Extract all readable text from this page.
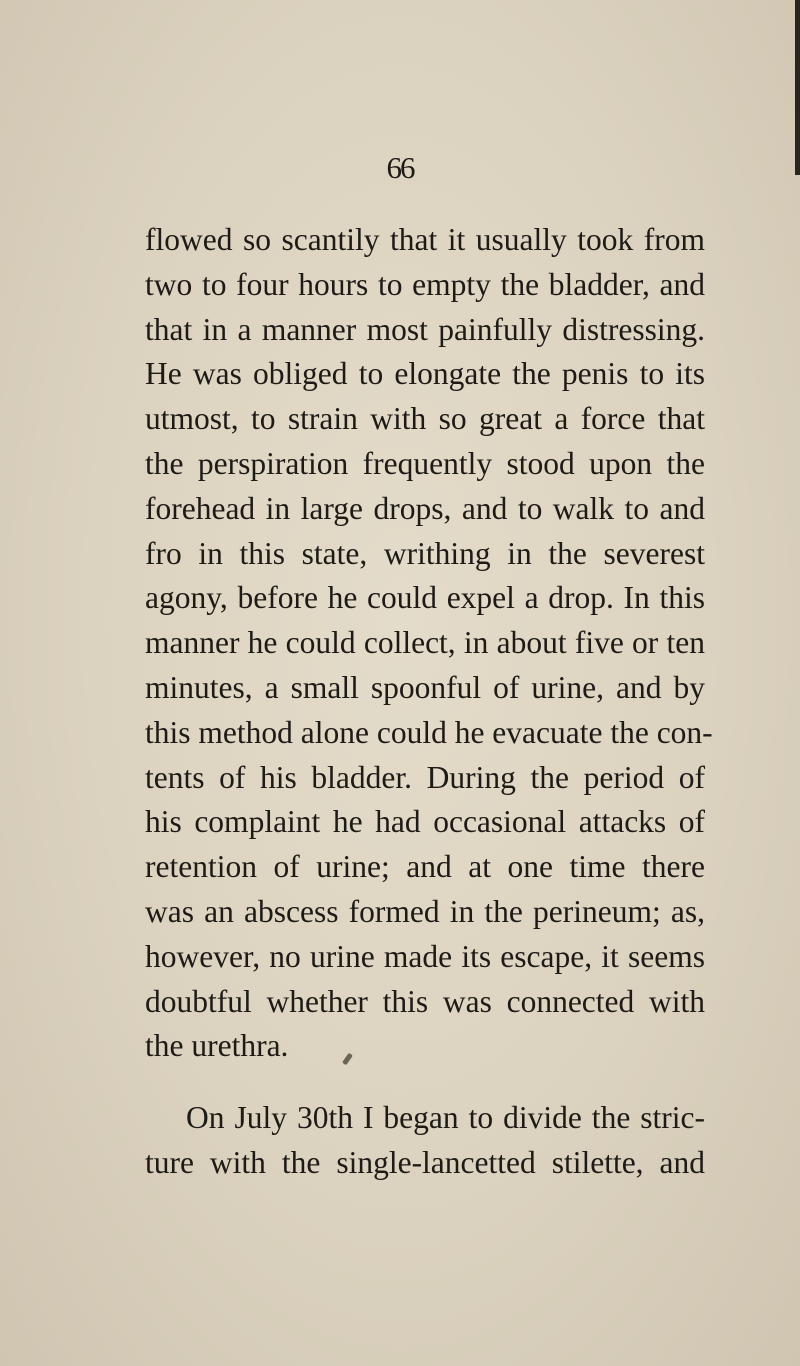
66
flowed so scantily that it usually took from
two to four hours to empty the bladder, and
that in a manner most painfully distressing.
He was obliged to elongate the penis to its
utmost, to strain with so great a force that
the perspiration frequently stood upon the
forehead in large drops, and to walk to and
fro in this state, writhing in the severest
agony, before he could expel a drop. In this
manner he could collect, in about five or ten
minutes, a small spoonful of urine, and by
this method alone could he evacuate the con-
tents of his bladder. During the period of
his complaint he had occasional attacks of
retention of urine; and at one time there
was an abscess formed in the perineum; as,
however, no urine made its escape, it seems
doubtful whether this was connected with
the urethra.
On July 30th I began to divide the stric-
ture with the single-lancetted stilette, and
